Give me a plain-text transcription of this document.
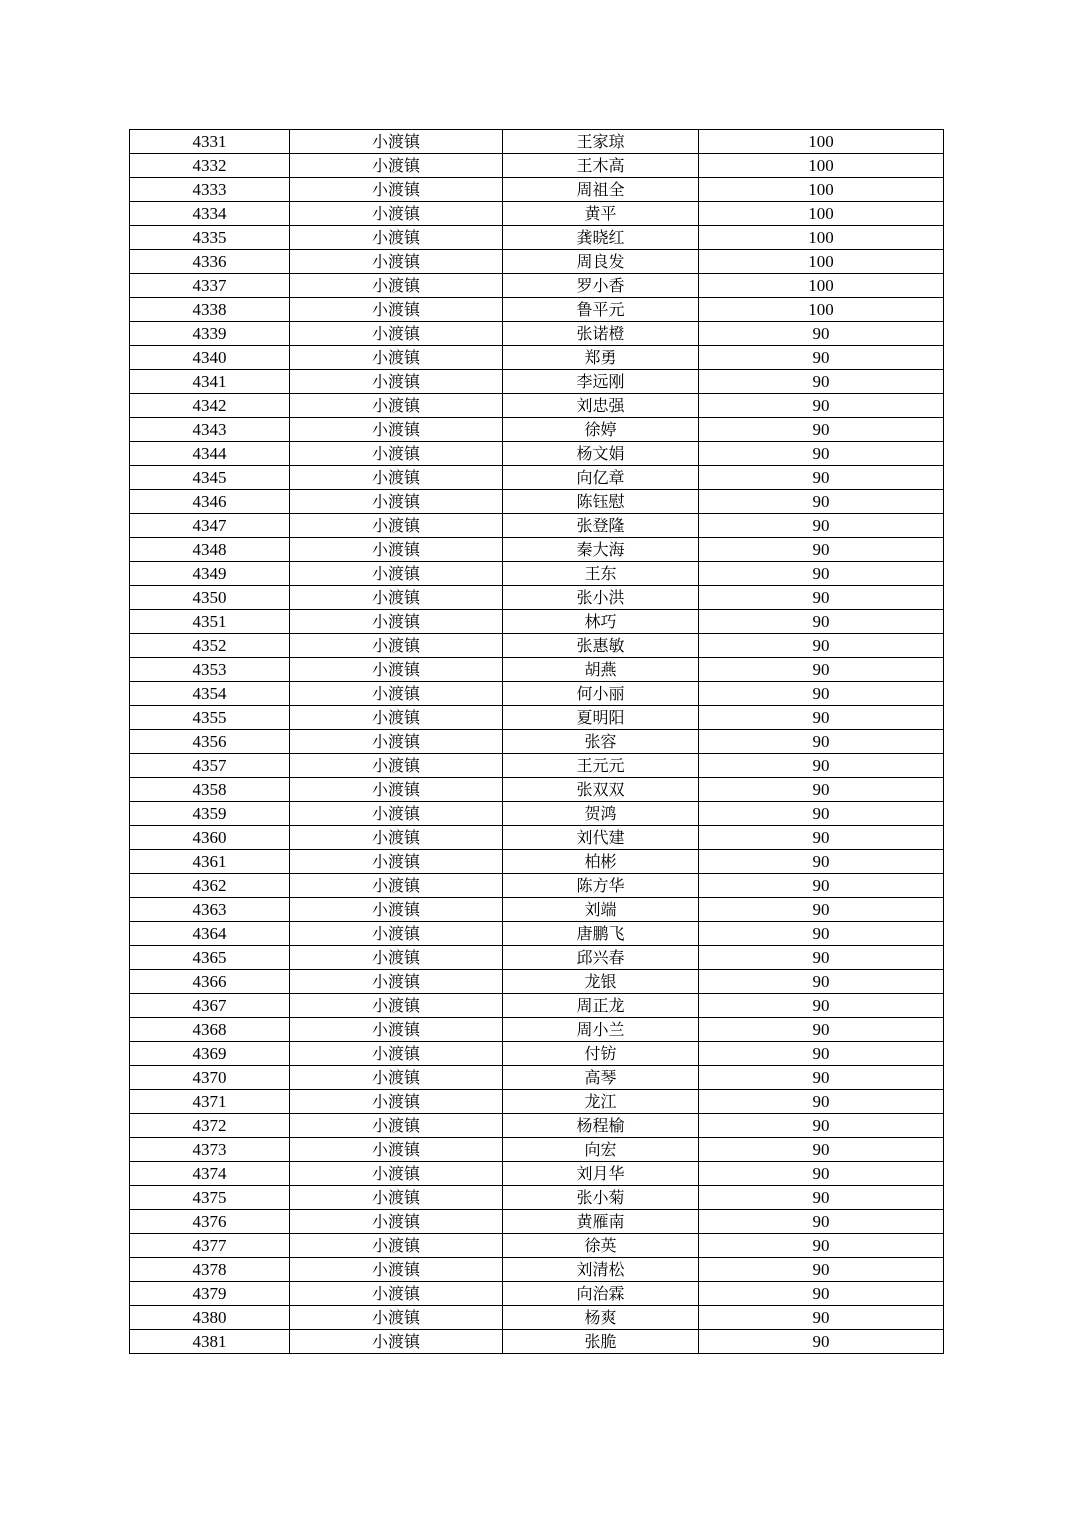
4331	小渡镇	王家琼	100
4332	小渡镇	王木高	100
4333	小渡镇	周祖全	100
4334	小渡镇	黄平	100
4335	小渡镇	龚晓红	100
4336	小渡镇	周良发	100
4337	小渡镇	罗小香	100
4338	小渡镇	鲁平元	100
4339	小渡镇	张诺橙	90
4340	小渡镇	郑勇	90
4341	小渡镇	李远刚	90
4342	小渡镇	刘忠强	90
4343	小渡镇	徐婷	90
4344	小渡镇	杨文娟	90
4345	小渡镇	向亿章	90
4346	小渡镇	陈钰慰	90
4347	小渡镇	张登隆	90
4348	小渡镇	秦大海	90
4349	小渡镇	王东	90
4350	小渡镇	张小洪	90
4351	小渡镇	林巧	90
4352	小渡镇	张惠敏	90
4353	小渡镇	胡燕	90
4354	小渡镇	何小丽	90
4355	小渡镇	夏明阳	90
4356	小渡镇	张容	90
4357	小渡镇	王元元	90
4358	小渡镇	张双双	90
4359	小渡镇	贺鸿	90
4360	小渡镇	刘代建	90
4361	小渡镇	柏彬	90
4362	小渡镇	陈方华	90
4363	小渡镇	刘端	90
4364	小渡镇	唐鹏飞	90
4365	小渡镇	邱兴春	90
4366	小渡镇	龙银	90
4367	小渡镇	周正龙	90
4368	小渡镇	周小兰	90
4369	小渡镇	付钫	90
4370	小渡镇	高琴	90
4371	小渡镇	龙江	90
4372	小渡镇	杨程榆	90
4373	小渡镇	向宏	90
4374	小渡镇	刘月华	90
4375	小渡镇	张小菊	90
4376	小渡镇	黄雁南	90
4377	小渡镇	徐英	90
4378	小渡镇	刘清松	90
4379	小渡镇	向治霖	90
4380	小渡镇	杨爽	90
4381	小渡镇	张脆	90
